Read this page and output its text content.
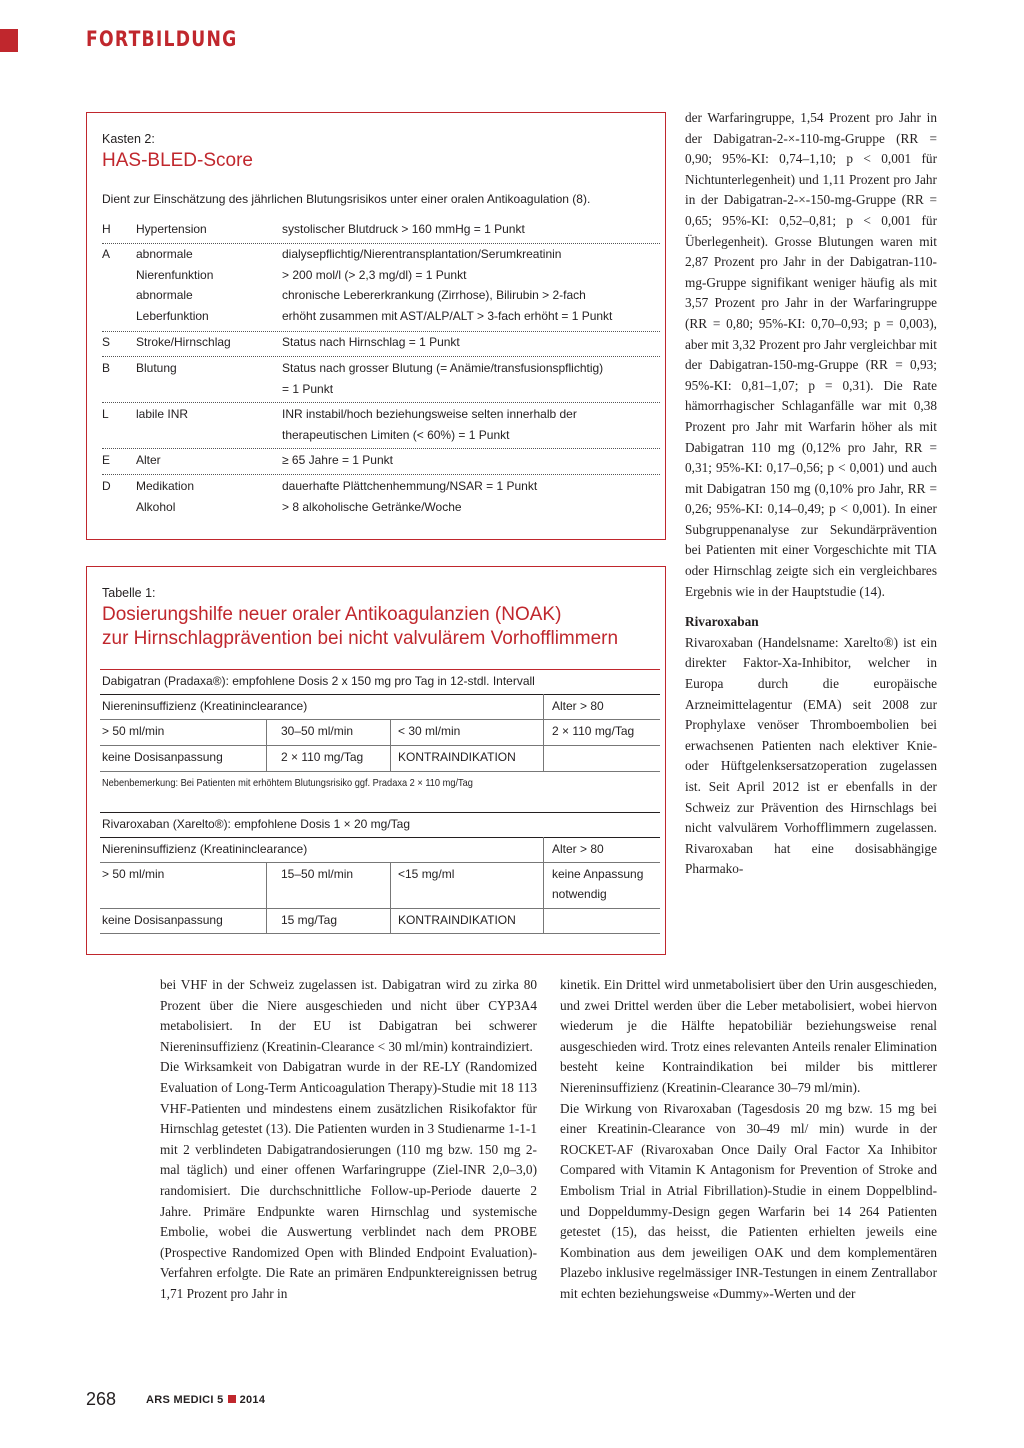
FORTBILDUNG
Kasten 2:
HAS-BLED-Score
Dient zur Einschätzung des jährlichen Blutungsrisikos unter einer oralen Antikoagulation (8).
H Hypertension	systolischer Blutdruck > 160 mmHg = 1 Punkt
A abnormale	dialysepflichtig/Nierentransplantation/Serumkreatinin
Nierenfunktion	> 200 mol/l (> 2,3 mg/dl) = 1 Punkt
abnormale	chronische Lebererkrankung (Zirrhose), Bilirubin > 2-fach
Leberfunktion	erhöht zusammen mit AST/ALP/ALT > 3-fach erhöht = 1 Punkt
S Stroke/Hirnschlag	Status nach Hirnschlag = 1 Punkt
B Blutung	Status nach grosser Blutung (= Anämie/transfusionspflichtig)
= 1 Punkt
L labile INR	INR instabil/hoch beziehungsweise selten innerhalb der
therapeutischen Limiten (< 60%) = 1 Punkt
E Alter	≥ 65 Jahre = 1 Punkt
D Medikation	dauerhafte Plättchenhemmung/NSAR = 1 Punkt
Alkohol	> 8 alkoholische Getränke/Woche
Tabelle 1:
Dosierungshilfe neuer oraler Antikoagulanzien (NOAK)
zur Hirnschlagprävention bei nicht valvulärem Vorhofflimmern
Dabigatran (Pradaxa®): empfohlene Dosis 2 x 150 mg pro Tag in 12-stdl. Intervall
Niereninsuffizienz (Kreatininclearance)	Alter > 80
> 50 ml/min	30–50 ml/min	< 30 ml/min	2 × 110 mg/Tag
keine Dosisanpassung	2 × 110 mg/Tag	KONTRAINDIKATION
Nebenbemerkung: Bei Patienten mit erhöhtem Blutungsrisiko ggf. Pradaxa 2 × 110 mg/Tag
Rivaroxaban (Xarelto®): empfohlene Dosis 1 × 20 mg/Tag
Niereninsuffizienz (Kreatininclearance)	Alter > 80
> 50 ml/min	15–50 ml/min	<15 mg/ml	keine Anpassung
notwendig
keine Dosisanpassung	15 mg/Tag	KONTRAINDIKATION

der Warfaringruppe, 1,54 Prozent pro Jahr in der Dabigatran-2-×-110-mg-Gruppe (RR = 0,90; 95%-KI: 0,74–1,10; p < 0,001 für Nichtunterlegenheit) und 1,11 Prozent pro Jahr in der Dabigatran-2-×-150-mg-Gruppe (RR = 0,65; 95%-KI: 0,52–0,81; p < 0,001 für Überlegenheit). Grosse Blutungen waren mit 2,87 Prozent pro Jahr in der Dabigatran-110-mg-Gruppe signifikant weniger häufig als mit 3,57 Prozent pro Jahr in der Warfaringruppe (RR = 0,80; 95%-KI: 0,70–0,93; p = 0,003), aber mit 3,32 Prozent pro Jahr vergleichbar mit der Dabigatran-150-mg-Gruppe (RR = 0,93; 95%-KI: 0,81–1,07; p = 0,31). Die Rate hämorrhagischer Schlaganfälle war mit 0,38 Prozent pro Jahr mit Warfarin höher als mit Dabigatran 110 mg (0,12% pro Jahr, RR = 0,31; 95%-KI: 0,17–0,56; p < 0,001) und auch mit Dabigatran 150 mg (0,10% pro Jahr, RR = 0,26; 95%-KI: 0,14–0,49; p < 0,001). In einer Subgruppenanalyse zur Sekundärprävention bei Patienten mit einer Vorgeschichte mit TIA oder Hirnschlag zeigte sich ein vergleichbares Ergebnis wie in der Hauptstudie (14).

Rivaroxaban

Rivaroxaban (Handelsname: Xarelto®) ist ein direkter Faktor-Xa-Inhibitor, welcher in Europa durch die europäische Arzneimittelagentur (EMA) seit 2008 zur Prophylaxe venöser Thromboembolien bei erwachsenen Patienten nach elektiver Knie- oder Hüftgelenksersatzoperation zugelassen ist. Seit April 2012 ist er ebenfalls in der Schweiz zur Prävention des Hirnschlags bei nicht valvulärem Vorhofflimmern zugelassen. Rivaroxaban hat eine dosisabhängige Pharmako-

bei VHF in der Schweiz zugelassen ist. Dabigatran wird zu zirka 80 Prozent über die Niere ausgeschieden und nicht über CYP3A4 metabolisiert. In der EU ist Dabigatran bei schwerer Niereninsuffizienz (Kreatinin-Clearance < 30 ml/min) kontraindiziert.

Die Wirksamkeit von Dabigatran wurde in der RE-LY (Randomized Evaluation of Long-Term Anticoagulation Therapy)-Studie mit 18 113 VHF-Patienten und mindestens einem zusätzlichen Risikofaktor für Hirnschlag getestet (13). Die Patienten wurden in 3 Studienarme 1-1-1 mit 2 verblindeten Dabigatrandosierungen (110 mg bzw. 150 mg 2-mal täglich) und einer offenen Warfaringruppe (Ziel-INR 2,0–3,0) randomisiert. Die durchschnittliche Follow-up-Periode dauerte 2 Jahre. Primäre Endpunkte waren Hirnschlag und systemische Embolie, wobei die Auswertung verblindet nach dem PROBE (Prospective Randomized Open with Blinded Endpoint Evaluation)-Verfahren erfolgte. Die Rate an primären Endpunktereignissen betrug 1,71 Prozent pro Jahr in

kinetik. Ein Drittel wird unmetabolisiert über den Urin ausgeschieden, und zwei Drittel werden über die Leber metabolisiert, wobei hiervon wiederum je die Hälfte hepatobiliär beziehungsweise renal ausgeschieden wird. Trotz eines relevanten Anteils renaler Elimination besteht keine Kontraindikation bei milder bis mittlerer Niereninsuffizienz (Kreatinin-Clearance 30–79 ml/min).

Die Wirkung von Rivaroxaban (Tagesdosis 20 mg bzw. 15 mg bei einer Kreatinin-Clearance von 30–49 ml/ min) wurde in der ROCKET-AF (Rivaroxaban Once Daily Oral Factor Xa Inhibitor Compared with Vitamin K Antagonism for Prevention of Stroke and Embolism Trial in Atrial Fibrillation)-Studie in einem Doppelblind- und Doppeldummy-Design gegen Warfarin bei 14 264 Patienten getestet (15), das heisst, die Patienten erhielten jeweils eine Kombination aus dem jeweiligen OAK und dem komplementären Plazebo inklusive regelmässiger INR-Testungen in einem Zentrallabor mit echten beziehungsweise «Dummy»-Werten und der

268	ARS MEDICI 5 2014
